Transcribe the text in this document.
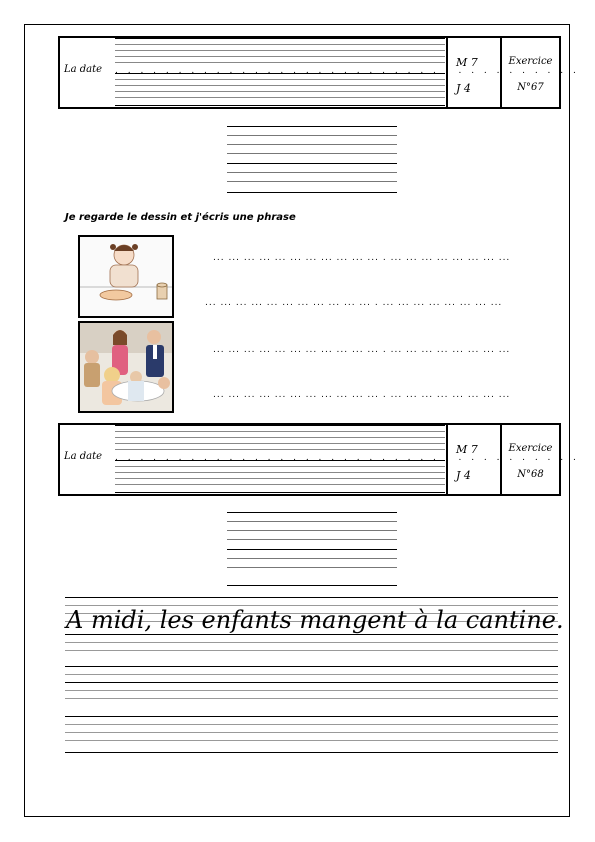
La date . . . . . . . . . . . . . . . . . . . . . . . . . . . . . . . . . . . . .
M 7
J 4
Exercice
N°67
Je regarde le dessin et j'écris une phrase
... ... ... ... ... ... ... ... ... ... ... . ... ... ... ... ... ... ... ...
... ... ... ... ... ... ... ... ... ... ... . ... ... ... ... ... ... ... ...
... ... ... ... ... ... ... ... ... ... ... . ... ... ... ... ... ... ... ...
... ... ... ... ... ... ... ... ... ... ... . ... ... ... ... ... ... ... ...
La date . . . . . . . . . . . . . . . . . . . . . . . . . . . . . . . . . . . . .
M 7
J 4
Exercice
N°68
A midi, les enfants mangent à la cantine.
